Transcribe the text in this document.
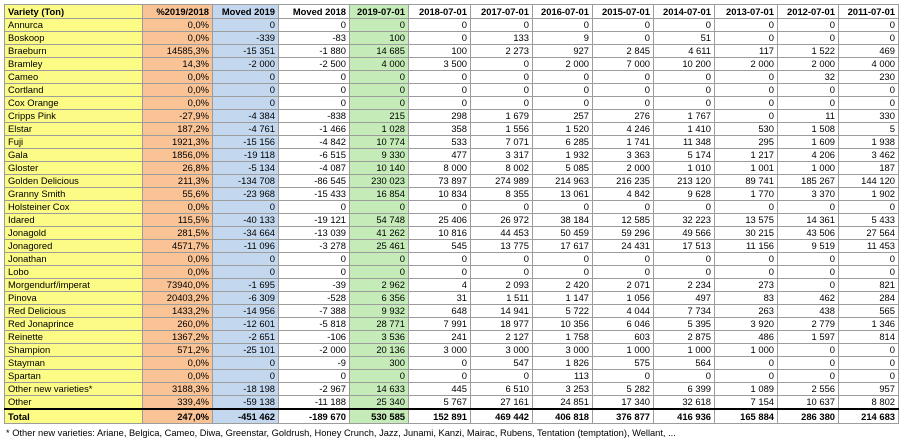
Variety (Ton)	%2019/2018	Moved 2019	Moved 2018	2019-07-01	2018-07-01	2017-07-01	2016-07-01	2015-07-01	2014-07-01	2013-07-01	2012-07-01	2011-07-01
Annurca	0,0%	0	0	0	0	0	0	0	0	0	0	0
Boskoop	0,0%	-339	-83	100	0	133	9	0	51	0	0	0
Braeburn	14585,3%	-15 351	-1 880	14 685	100	2 273	927	2 845	4 611	117	1 522	469
Bramley	14,3%	-2 000	-2 500	4 000	3 500	0	2 000	7 000	10 200	2 000	2 000	4 000
Cameo	0,0%	0	0	0	0	0	0	0	0	0	32	230
Cortland	0,0%	0	0	0	0	0	0	0	0	0	0	0
Cox Orange	0,0%	0	0	0	0	0	0	0	0	0	0	0
Cripps Pink	-27,9%	-4 384	-838	215	298	1 679	257	276	1 767	0	11	330
Elstar	187,2%	-4 761	-1 466	1 028	358	1 556	1 520	4 246	1 410	530	1 508	5
Fuji	1921,3%	-15 156	-4 842	10 774	533	7 071	6 285	1 741	11 348	295	1 609	1 938
Gala	1856,0%	-19 118	-6 515	9 330	477	3 317	1 932	3 363	5 174	1 217	4 206	3 462
Gloster	26,8%	-5 134	-4 087	10 140	8 000	8 002	5 085	2 000	1 010	1 001	1 000	187
Golden Delicious	211,3%	-134 708	-86 545	230 023	73 897	274 989	214 963	216 235	213 120	89 741	185 267	144 120
Granny Smith	55,6%	-23 968	-15 433	16 854	10 834	8 355	13 061	4 842	9 628	1 770	3 370	1 902
Holsteiner Cox	0,0%	0	0	0	0	0	0	0	0	0	0	0
Idared	115,5%	-40 133	-19 121	54 748	25 406	26 972	38 184	12 585	32 223	13 575	14 361	5 433
Jonagold	281,5%	-34 664	-13 039	41 262	10 816	44 453	50 459	59 296	49 566	30 215	43 506	27 564
Jonagored	4571,7%	-11 096	-3 278	25 461	545	13 775	17 617	24 431	17 513	11 156	9 519	11 453
Jonathan	0,0%	0	0	0	0	0	0	0	0	0	0	0
Lobo	0,0%	0	0	0	0	0	0	0	0	0	0	0
Morgendurf/imperat	73940,0%	-1 695	-39	2 962	4	2 093	2 420	2 071	2 234	273	0	821
Pinova	20403,2%	-6 309	-528	6 356	31	1 511	1 147	1 056	497	83	462	284
Red Delicious	1433,2%	-14 956	-7 388	9 932	648	14 941	5 722	4 044	7 734	263	438	565
Red Jonaprince	260,0%	-12 601	-5 818	28 771	7 991	18 977	10 356	6 046	5 395	3 920	2 779	1 346
Reinette	1367,2%	-2 651	-106	3 536	241	2 127	1 758	603	2 875	486	1 597	814
Shampion	571,2%	-25 101	-2 000	20 136	3 000	3 000	3 000	1 000	1 000	1 000	0	0
Stayman	0,0%	0	-9	300	0	547	1 826	575	564	0	0	0
Spartan	0,0%	0	0	0	0	0	113	0	0	0	0	0
Other new varieties*	3188,3%	-18 198	-2 967	14 633	445	6 510	3 253	5 282	6 399	1 089	2 556	957
Other	339,4%	-59 138	-11 188	25 340	5 767	27 161	24 851	17 340	32 618	7 154	10 637	8 802
Total	247,0%	-451 462	-189 670	530 585	152 891	469 442	406 818	376 877	416 936	165 884	286 380	214 683
* Other new varieties: Ariane, Belgica, Cameo, Diwa, Greenstar, Goldrush, Honey Crunch, Jazz, Junami, Kanzi, Mairac, Rubens, Tentation (temptation), Wellant, ...
